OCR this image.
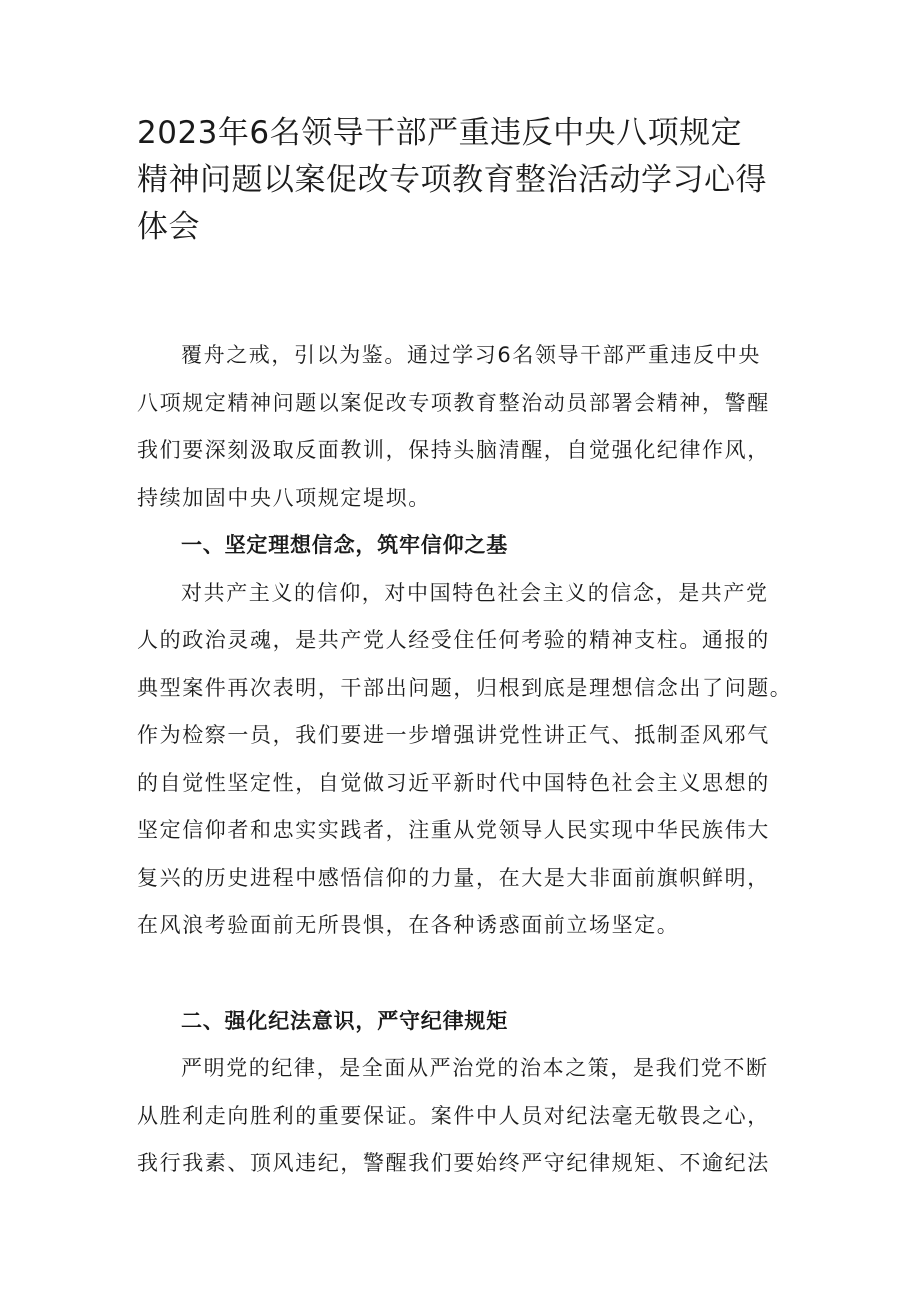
2023年6名领导干部严重违反中央八项规定
精神问题以案促改专项教育整治活动学习心得
体会
覆舟之戒，引以为鉴。通过学习6名领导干部严重违反中央
八项规定精神问题以案促改专项教育整治动员部署会精神，警醒
我们要深刻汲取反面教训，保持头脑清醒，自觉强化纪律作风，
持续加固中央八项规定堤坝。
一、坚定理想信念，筑牢信仰之基
对共产主义的信仰，对中国特色社会主义的信念，是共产党
人的政治灵魂，是共产党人经受住任何考验的精神支柱。通报的
典型案件再次表明，干部出问题，归根到底是理想信念出了问题。
作为检察一员，我们要进一步增强讲党性讲正气、抵制歪风邪气
的自觉性坚定性，自觉做习近平新时代中国特色社会主义思想的
坚定信仰者和忠实实践者，注重从党领导人民实现中华民族伟大
复兴的历史进程中感悟信仰的力量，在大是大非面前旗帜鲜明，
在风浪考验面前无所畏惧，在各种诱惑面前立场坚定。
二、强化纪法意识，严守纪律规矩
严明党的纪律，是全面从严治党的治本之策，是我们党不断
从胜利走向胜利的重要保证。案件中人员对纪法毫无敬畏之心，
我行我素、顶风违纪，警醒我们要始终严守纪律规矩、不逾纪法
